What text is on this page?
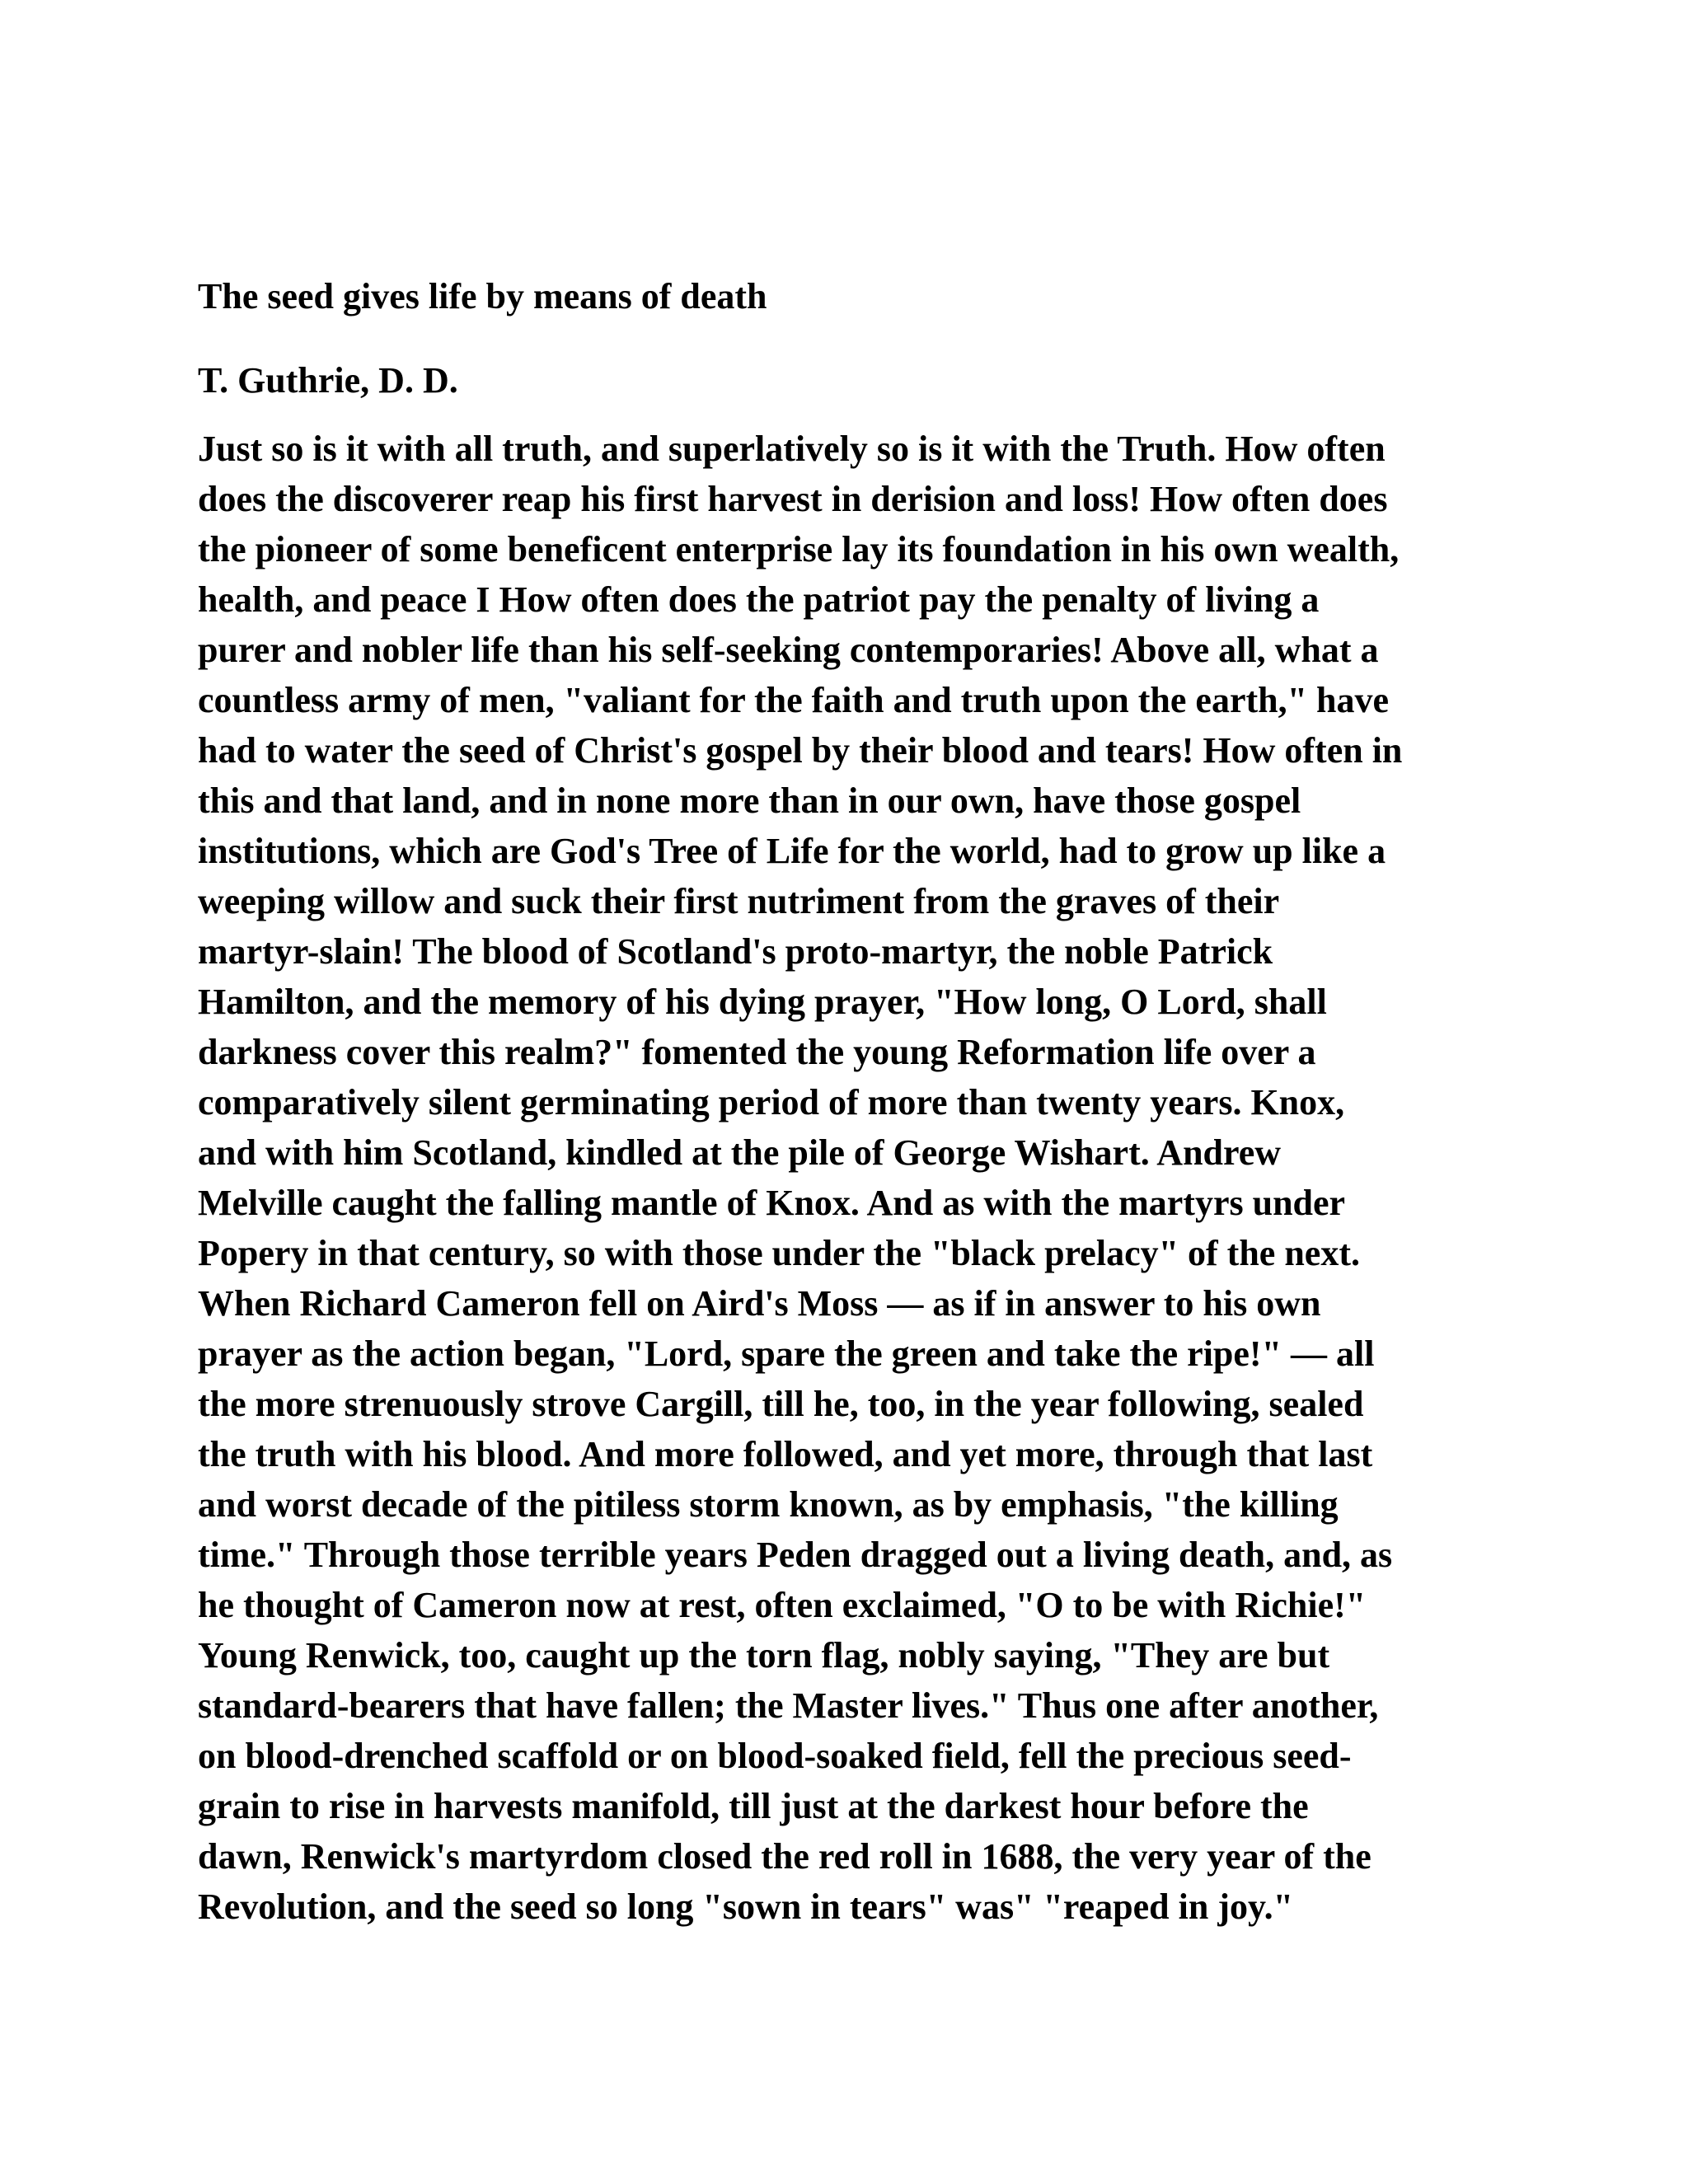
The seed gives life by means of death
T. Guthrie, D. D.
Just so is it with all truth, and superlatively so is it with the Truth. How often
does the discoverer reap his first harvest in derision and loss! How often does
the pioneer of some beneficent enterprise lay its foundation in his own wealth,
health, and peace I How often does the patriot pay the penalty of living a
purer and nobler life than his self-seeking contemporaries! Above all, what a
countless army of men, "valiant for the faith and truth upon the earth," have
had to water the seed of Christ's gospel by their blood and tears! How often in
this and that land, and in none more than in our own, have those gospel
institutions, which are God's Tree of Life for the world, had to grow up like a
weeping willow and suck their first nutriment from the graves of their
martyr-slain! The blood of Scotland's proto-martyr, the noble Patrick
Hamilton, and the memory of his dying prayer, "How long, O Lord, shall
darkness cover this realm?" fomented the young Reformation life over a
comparatively silent germinating period of more than twenty years. Knox,
and with him Scotland, kindled at the pile of George Wishart. Andrew
Melville caught the falling mantle of Knox. And as with the martyrs under
Popery in that century, so with those under the "black prelacy" of the next.
When Richard Cameron fell on Aird's Moss — as if in answer to his own
prayer as the action began, "Lord, spare the green and take the ripe!" — all
the more strenuously strove Cargill, till he, too, in the year following, sealed
the truth with his blood. And more followed, and yet more, through that last
and worst decade of the pitiless storm known, as by emphasis, "the killing
time." Through those terrible years Peden dragged out a living death, and, as
he thought of Cameron now at rest, often exclaimed, "O to be with Richie!"
Young Renwick, too, caught up the torn flag, nobly saying, "They are but
standard-bearers that have fallen; the Master lives." Thus one after another,
on blood-drenched scaffold or on blood-soaked field, fell the precious seed-
grain to rise in harvests manifold, till just at the darkest hour before the
dawn, Renwick's martyrdom closed the red roll in 1688, the very year of the
Revolution, and the seed so long "sown in tears" was" "reaped in joy."
